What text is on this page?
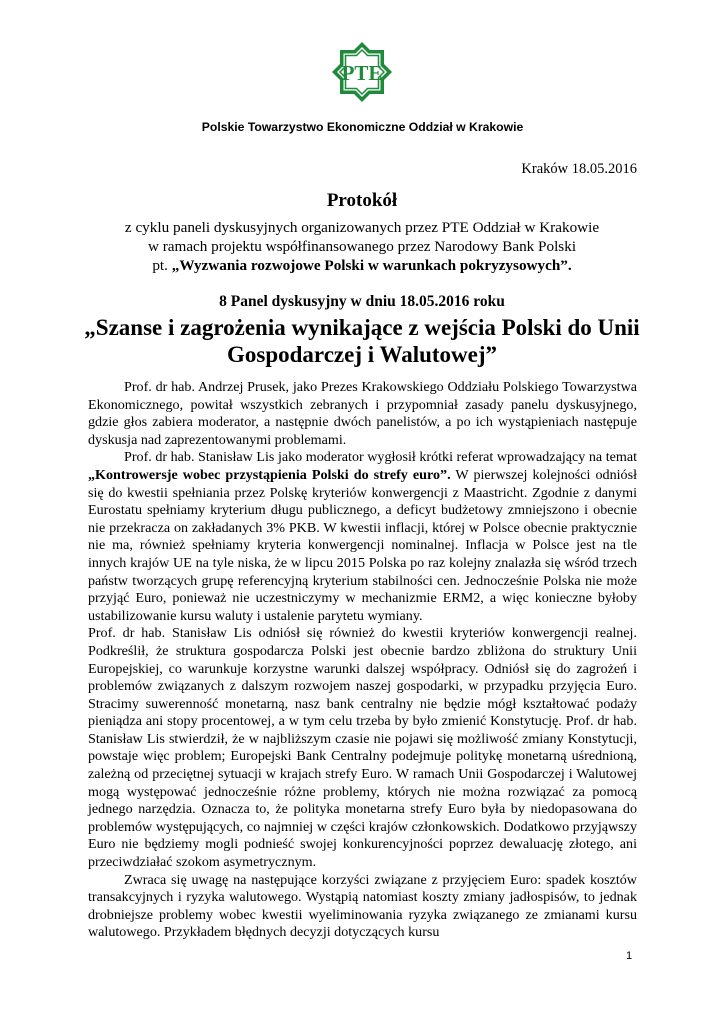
PTE
Polskie Towarzystwo Ekonomiczne Oddział w Krakowie
Kraków 18.05.2016
Protokół
z cyklu paneli dyskusyjnych organizowanych przez PTE Oddział w Krakowie
w ramach projektu współfinansowanego przez Narodowy Bank Polski
pt. „Wyzwania rozwojowe Polski w warunkach pokryzysowych”.
8 Panel dyskusyjny w dniu 18.05.2016 roku
„Szanse i zagrożenia wynikające z wejścia Polski do Unii Gospodarczej i Walutowej”

Prof. dr hab. Andrzej Prusek, jako Prezes Krakowskiego Oddziału Polskiego Towarzystwa Ekonomicznego, powitał wszystkich zebranych i przypomniał zasady panelu dyskusyjnego, gdzie głos zabiera moderator, a następnie dwóch panelistów, a po ich wystąpieniach następuje dyskusja nad zaprezentowanymi problemami.

Prof. dr hab. Stanisław Lis jako moderator wygłosił krótki referat wprowadzający na temat „Kontrowersje wobec przystąpienia Polski do strefy euro”. W pierwszej kolejności odniósł się do kwestii spełniania przez Polskę kryteriów konwergencji z Maastricht. Zgodnie z danymi Eurostatu spełniamy kryterium długu publicznego, a deficyt budżetowy zmniejszono i obecnie nie przekracza on zakładanych 3% PKB. W kwestii inflacji, której w Polsce obecnie praktycznie nie ma, również spełniamy kryteria konwergencji nominalnej. Inflacja w Polsce jest na tle innych krajów UE na tyle niska, że w lipcu 2015 Polska po raz kolejny znalazła się wśród trzech państw tworzących grupę referencyjną kryterium stabilności cen. Jednocześnie Polska nie może przyjąć Euro, ponieważ nie uczestniczymy w mechanizmie ERM2, a więc konieczne byłoby ustabilizowanie kursu waluty i ustalenie parytetu wymiany.

Prof. dr hab. Stanisław Lis odniósł się również do kwestii kryteriów konwergencji realnej. Podkreślił, że struktura gospodarcza Polski jest obecnie bardzo zbliżona do struktury Unii Europejskiej, co warunkuje korzystne warunki dalszej współpracy. Odniósł się do zagrożeń i problemów związanych z dalszym rozwojem naszej gospodarki, w przypadku przyjęcia Euro. Stracimy suwerenność monetarną, nasz bank centralny nie będzie mógł kształtować podaży pieniądza ani stopy procentowej, a w tym celu trzeba by było zmienić Konstytucję. Prof. dr hab. Stanisław Lis stwierdził, że w najbliższym czasie nie pojawi się możliwość zmiany Konstytucji, powstaje więc problem; Europejski Bank Centralny podejmuje politykę monetarną uśrednioną, zależną od przeciętnej sytuacji w krajach strefy Euro. W ramach Unii Gospodarczej i Walutowej mogą występować jednocześnie różne problemy, których nie można rozwiązać za pomocą jednego narzędzia. Oznacza to, że polityka monetarna strefy Euro była by niedopasowana do problemów występujących, co najmniej w części krajów członkowskich. Dodatkowo przyjąwszy Euro nie będziemy mogli podnieść swojej konkurencyjności poprzez dewaluację złotego, ani przeciwdziałać szokom asymetrycznym.

Zwraca się uwagę na następujące korzyści związane z przyjęciem Euro: spadek kosztów transakcyjnych i ryzyka walutowego. Wystąpią natomiast koszty zmiany jadłospisów, to jednak drobniejsze problemy wobec kwestii wyeliminowania ryzyka związanego ze zmianami kursu walutowego. Przykładem błędnych decyzji dotyczących kursu

1
